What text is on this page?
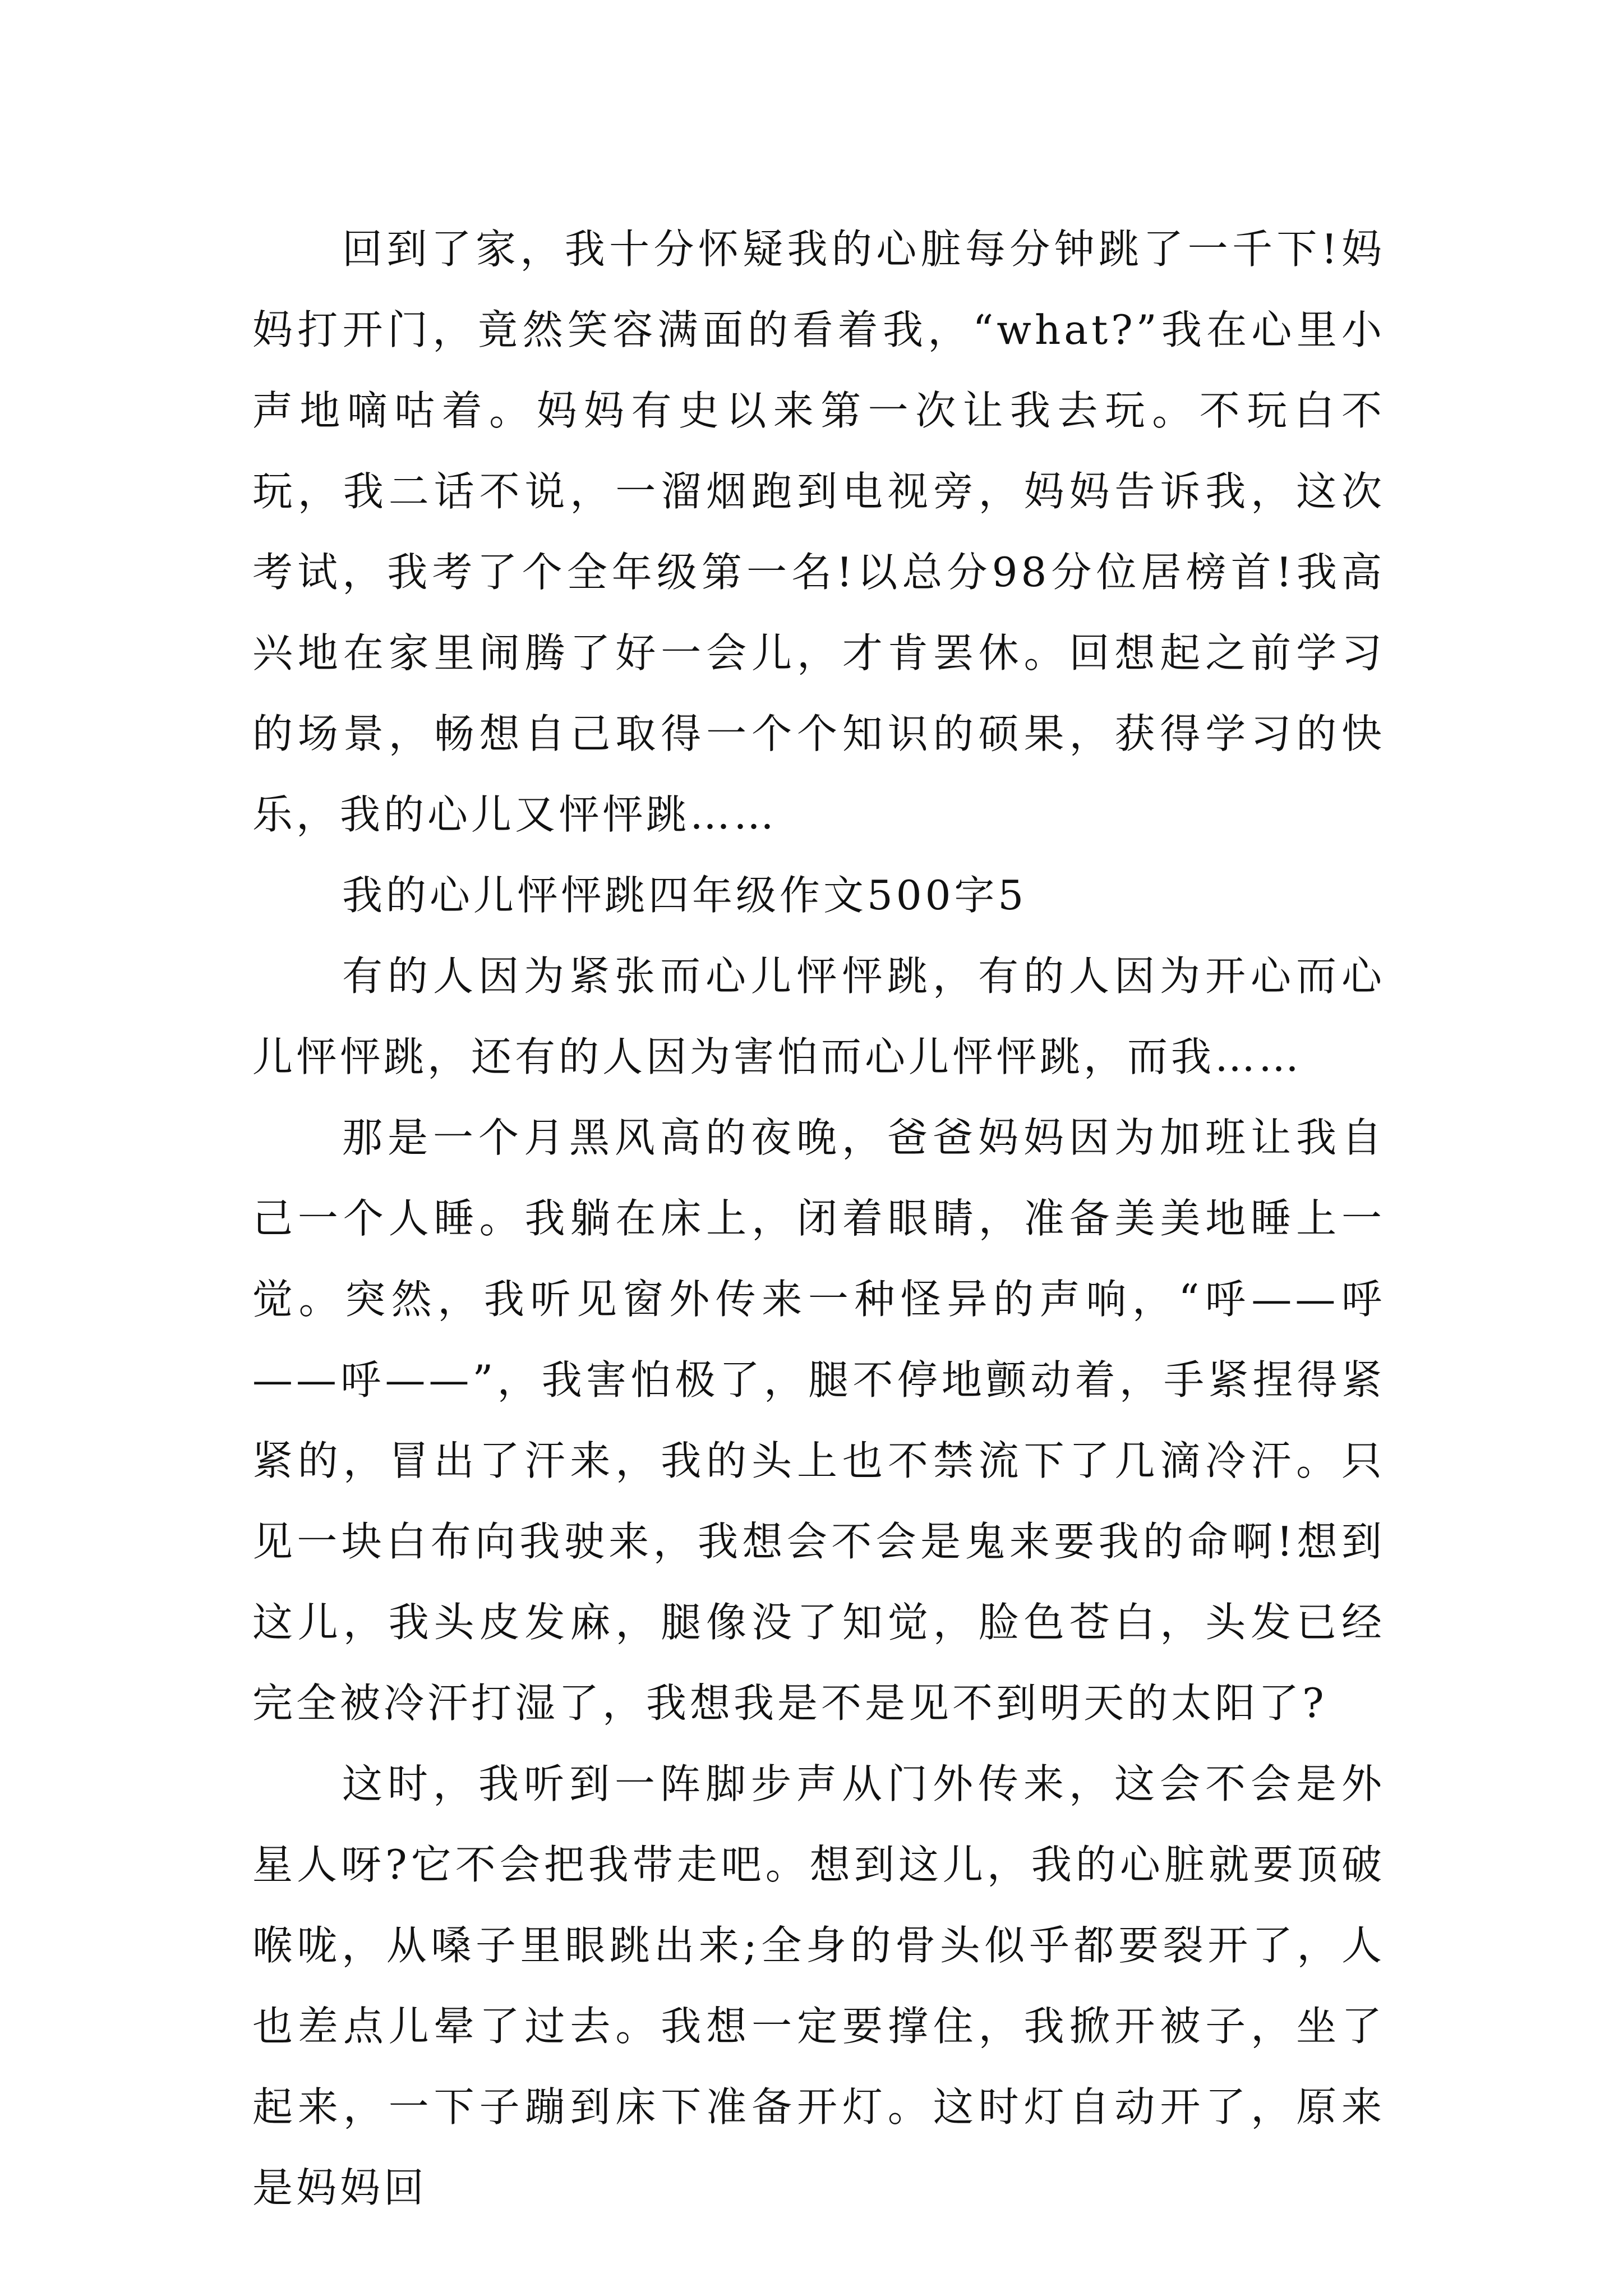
回到了家，我十分怀疑我的心脏每分钟跳了一千下!妈妈打开门，竟然笑容满面的看着我，“what?”我在心里小声地嘀咕着。妈妈有史以来第一次让我去玩。不玩白不玩，我二话不说，一溜烟跑到电视旁，妈妈告诉我，这次考试，我考了个全年级第一名!以总分98分位居榜首!我高兴地在家里闹腾了好一会儿，才肯罢休。回想起之前学习的场景，畅想自己取得一个个知识的硕果，获得学习的快乐，我的心儿又怦怦跳……

我的心儿怦怦跳四年级作文500字5

有的人因为紧张而心儿怦怦跳，有的人因为开心而心儿怦怦跳，还有的人因为害怕而心儿怦怦跳，而我……

那是一个月黑风高的夜晚，爸爸妈妈因为加班让我自己一个人睡。我躺在床上，闭着眼睛，准备美美地睡上一觉。突然，我听见窗外传来一种怪异的声响，“呼——呼——呼——”，我害怕极了，腿不停地颤动着，手紧捏得紧紧的，冒出了汗来，我的头上也不禁流下了几滴冷汗。只见一块白布向我驶来，我想会不会是鬼来要我的命啊!想到这儿，我头皮发麻，腿像没了知觉，脸色苍白，头发已经完全被冷汗打湿了，我想我是不是见不到明天的太阳了?

这时，我听到一阵脚步声从门外传来，这会不会是外星人呀?它不会把我带走吧。想到这儿，我的心脏就要顶破喉咙，从嗓子里眼跳出来;全身的骨头似乎都要裂开了，人也差点儿晕了过去。我想一定要撑住，我掀开被子，坐了起来，一下子蹦到床下准备开灯。这时灯自动开了，原来是妈妈回
